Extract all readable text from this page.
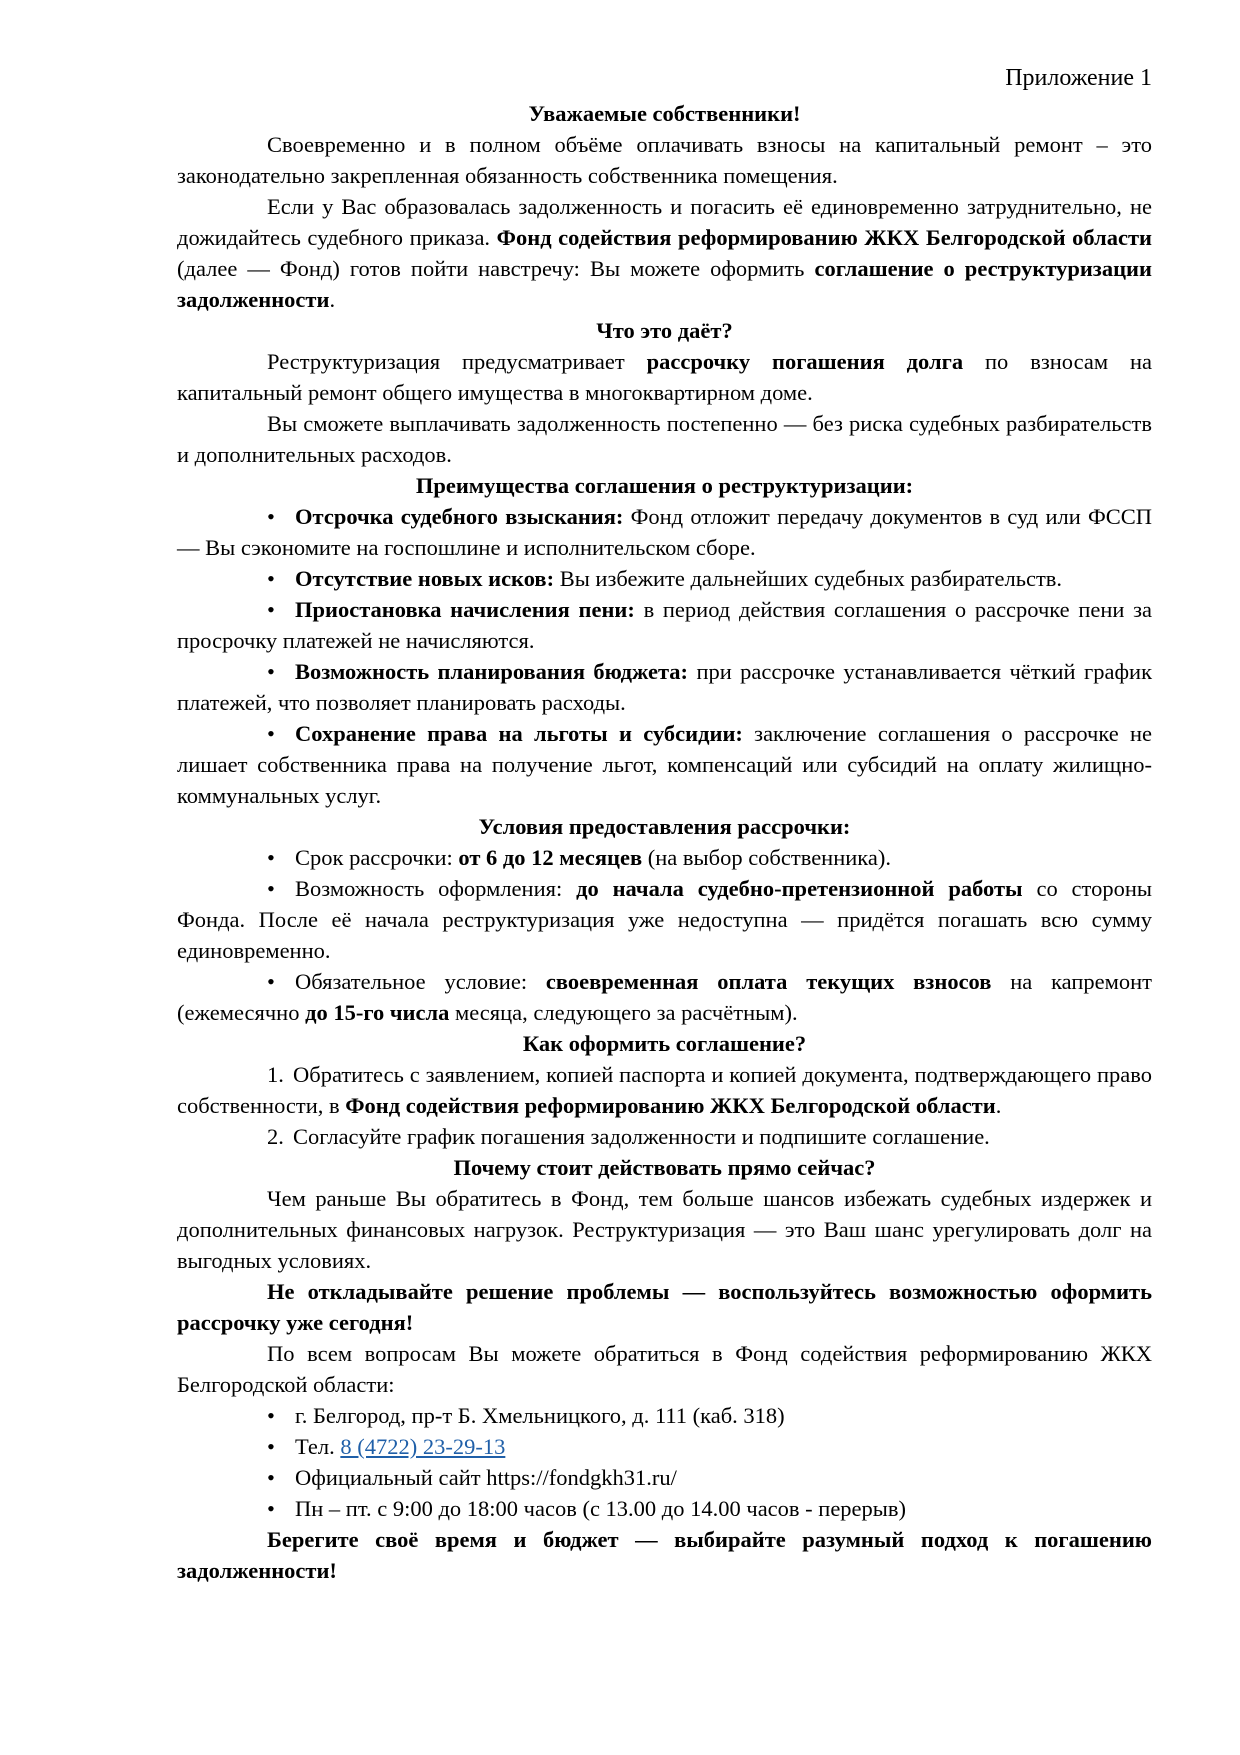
Приложение 1
Уважаемые собственники!

Своевременно и в полном объёме оплачивать взносы на капитальный ремонт – это законодательно закрепленная обязанность собственника помещения.

Если у Вас образовалась задолженность и погасить её единовременно затруднительно, не дожидайтесь судебного приказа. Фонд содействия реформированию ЖКХ Белгородской области (далее — Фонд) готов пойти навстречу: Вы можете оформить соглашение о реструктуризации задолженности.

Что это даёт?

Реструктуризация предусматривает рассрочку погашения долга по взносам на капитальный ремонт общего имущества в многоквартирном доме.

Вы сможете выплачивать задолженность постепенно — без риска судебных разбирательств и дополнительных расходов.

Преимущества соглашения о реструктуризации:

• Отсрочка судебного взыскания: Фонд отложит передачу документов в суд или ФССП — Вы сэкономите на госпошлине и исполнительском сборе.

• Отсутствие новых исков: Вы избежите дальнейших судебных разбирательств.

• Приостановка начисления пени: в период действия соглашения о рассрочке пени за просрочку платежей не начисляются.

• Возможность планирования бюджета: при рассрочке устанавливается чёткий график платежей, что позволяет планировать расходы.

• Сохранение права на льготы и субсидии: заключение соглашения о рассрочке не лишает собственника права на получение льгот, компенсаций или субсидий на оплату жилищно-коммунальных услуг.

Условия предоставления рассрочки:

• Срок рассрочки: от 6 до 12 месяцев (на выбор собственника).

• Возможность оформления: до начала судебно-претензионной работы со стороны Фонда. После её начала реструктуризация уже недоступна — придётся погашать всю сумму единовременно.

• Обязательное условие: своевременная оплата текущих взносов на капремонт (ежемесячно до 15-го числа месяца, следующего за расчётным).

Как оформить соглашение?

1. Обратитесь с заявлением, копией паспорта и копией документа, подтверждающего право собственности, в Фонд содействия реформированию ЖКХ Белгородской области.

2. Согласуйте график погашения задолженности и подпишите соглашение.

Почему стоит действовать прямо сейчас?

Чем раньше Вы обратитесь в Фонд, тем больше шансов избежать судебных издержек и дополнительных финансовых нагрузок. Реструктуризация — это Ваш шанс урегулировать долг на выгодных условиях.

Не откладывайте решение проблемы — воспользуйтесь возможностью оформить рассрочку уже сегодня!

По всем вопросам Вы можете обратиться в Фонд содействия реформированию ЖКХ Белгородской области:

• г. Белгород, пр-т Б. Хмельницкого, д. 111 (каб. 318)

• Тел. 8 (4722) 23-29-13

• Официальный сайт https://fondgkh31.ru/

• Пн – пт. с 9:00 до 18:00 часов (с 13.00 до 14.00 часов - перерыв)

Берегите своё время и бюджет — выбирайте разумный подход к погашению задолженности!
